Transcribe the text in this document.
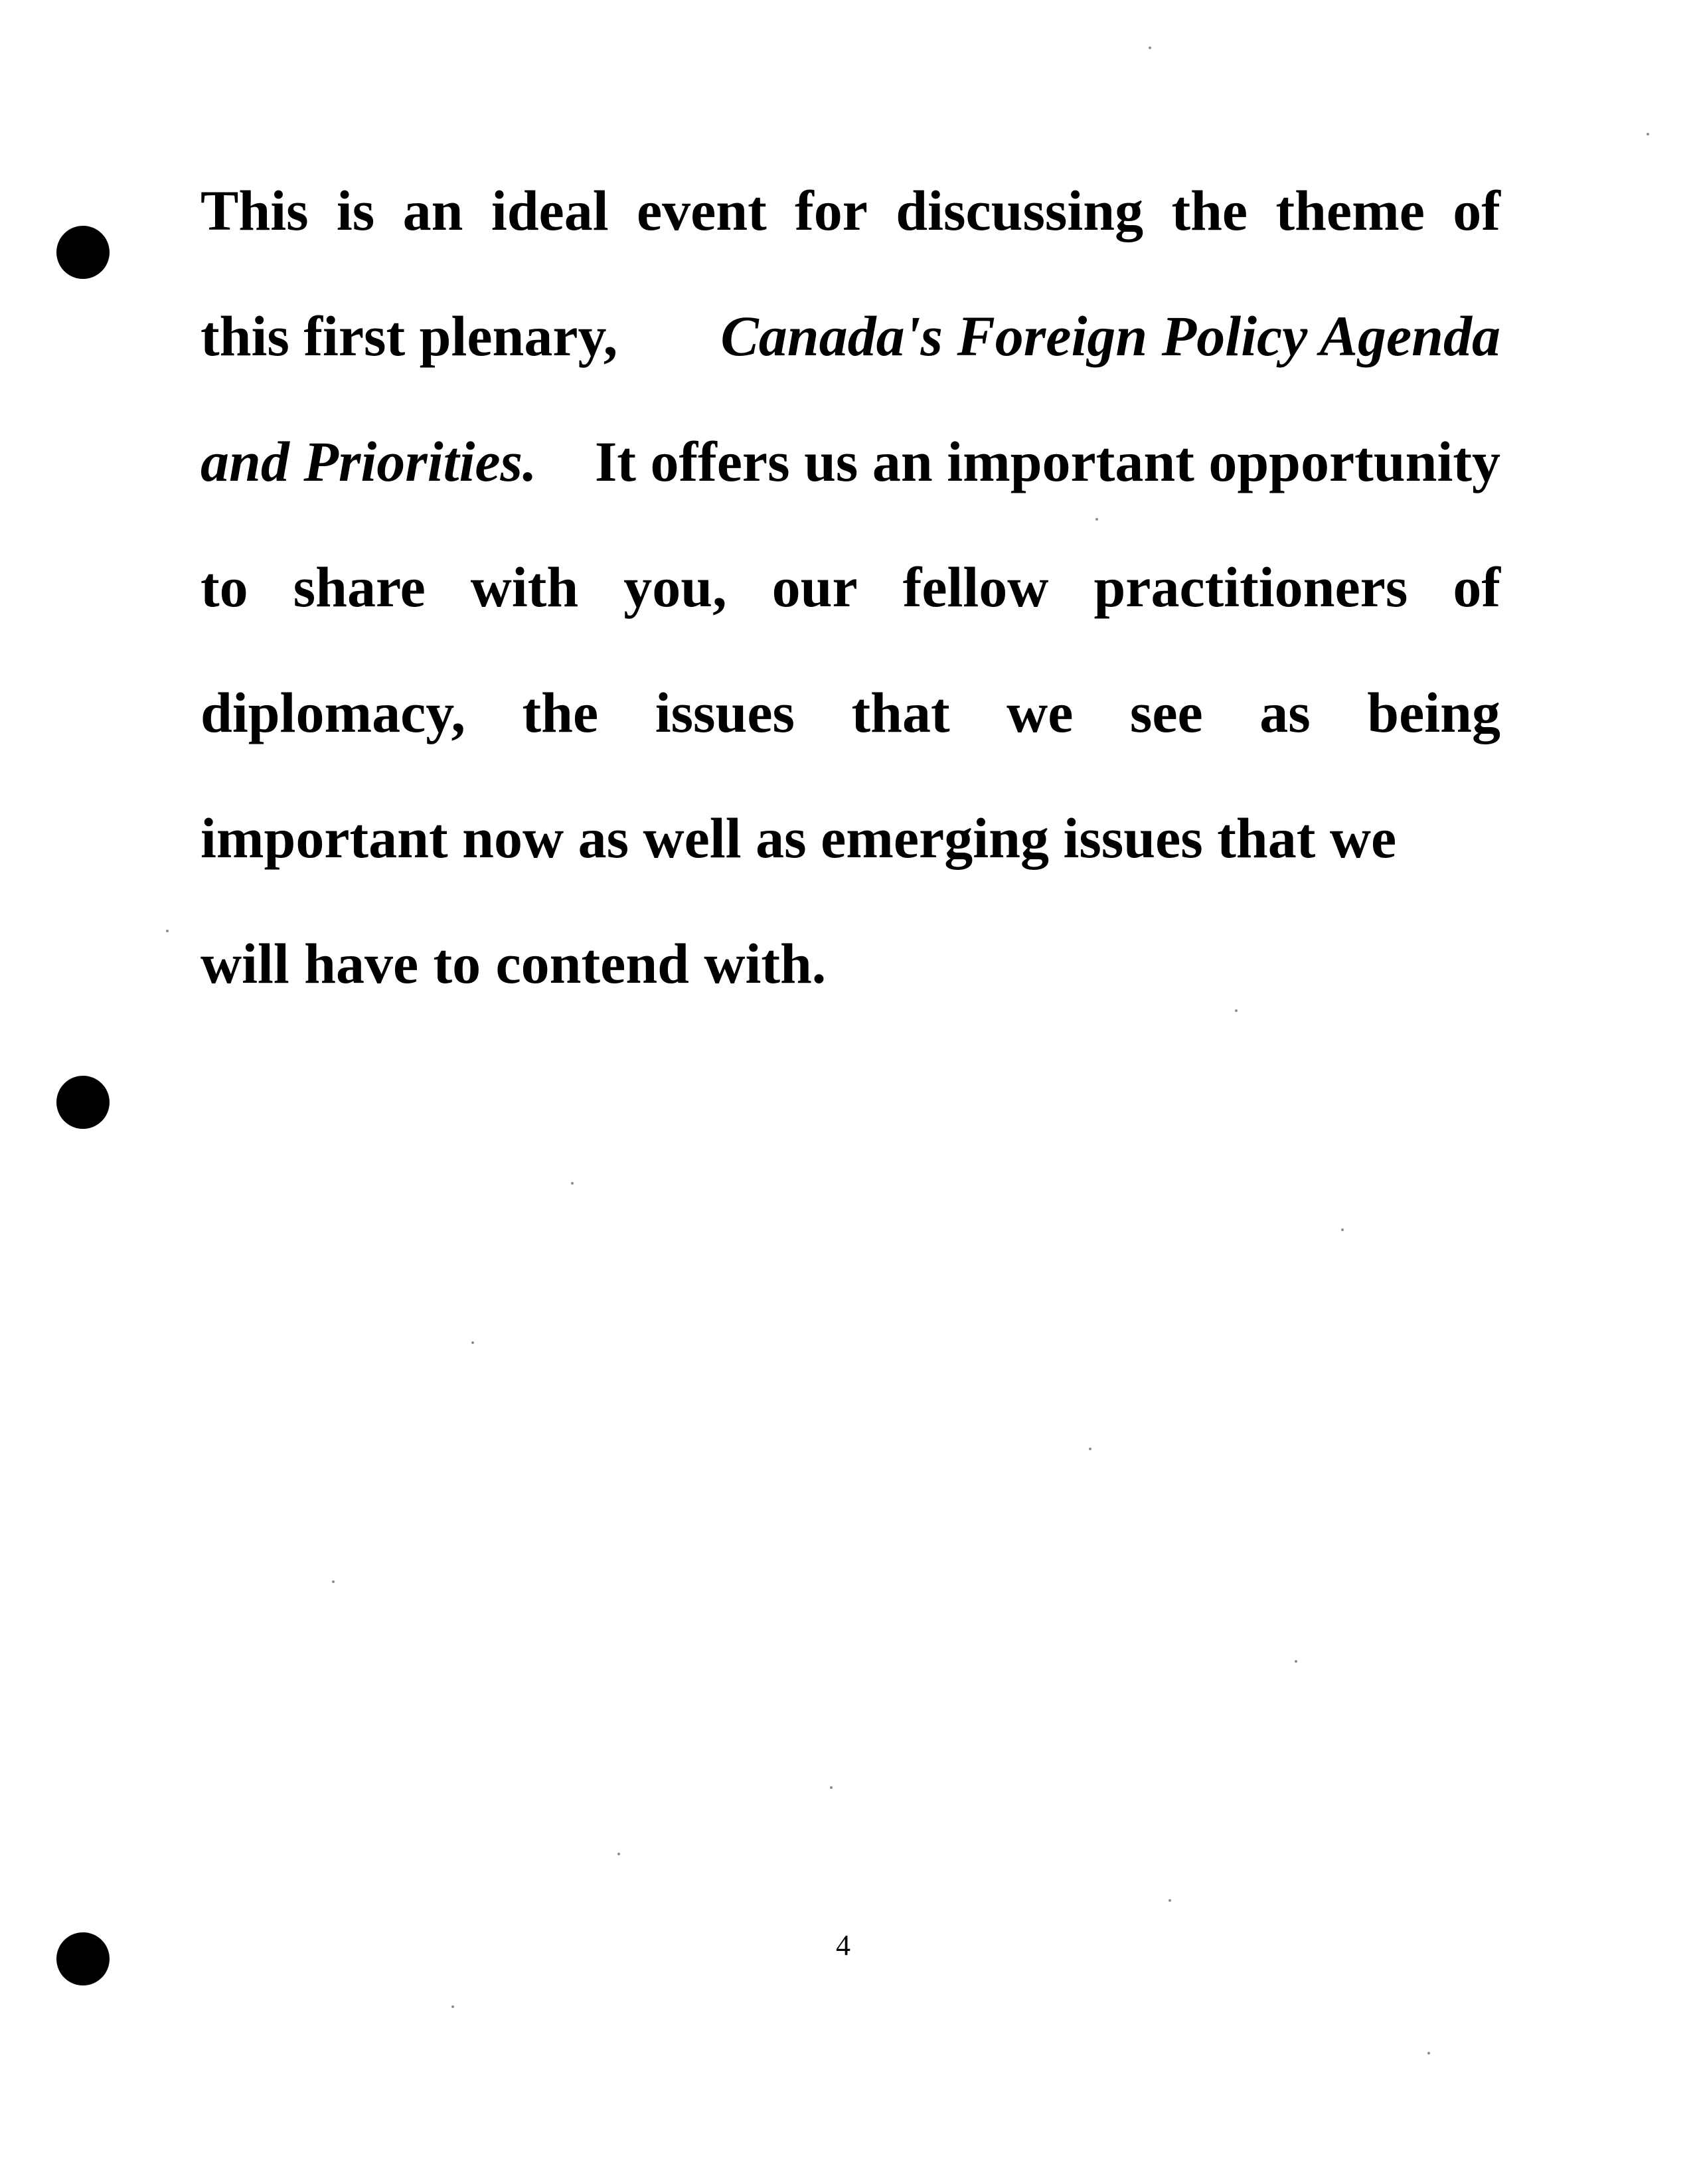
This is an ideal event for discussing the theme of
this first plenary, Canada's Foreign Policy Agenda
and Priorities. It offers us an important opportunity
to share with you, our fellow practitioners of
diplomacy, the issues that we see as being
important now as well as emerging issues that we
will have to contend with.
4
